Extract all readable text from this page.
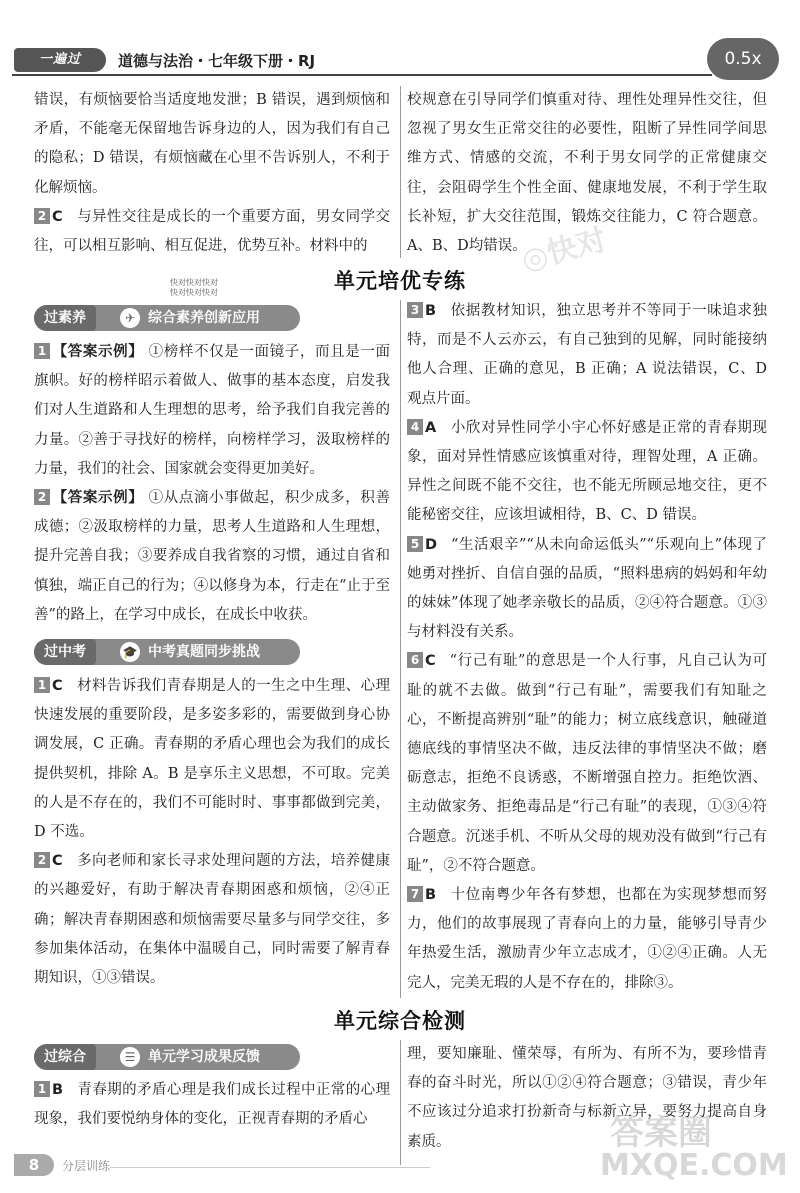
一遍过	道德与法治・七年级下册・RJ	0.5x
◎快对
答案圈
MXQE.COM

错误，有烦恼要恰当适度地发泄；B 错误，遇到烦恼和矛盾，不能毫无保留地告诉身边的人，因为我们有自己的隐私；D 错误，有烦恼藏在心里不告诉别人，不利于化解烦恼。

2 C 与异性交往是成长的一个重要方面，男女同学交往，可以相互影响、相互促进，优势互补。材料中的

校规意在引导同学们慎重对待、理性处理异性交往，但忽视了男女生正常交往的必要性，阻断了异性同学间思维方式、情感的交流，不利于男女同学的正常健康交往，会阻碍学生个性全面、健康地发展，不利于学生取长补短，扩大交往范围，锻炼交往能力，C 符合题意。A、B、D均错误。

快对快对快对
快对快对快对	单元培优专练
过素养	✈ 综合素养创新应用

1 【答案示例】 ①榜样不仅是一面镜子，而且是一面旗帜。好的榜样昭示着做人、做事的基本态度，启发我们对人生道路和人生理想的思考，给予我们自我完善的力量。②善于寻找好的榜样，向榜样学习，汲取榜样的力量，我们的社会、国家就会变得更加美好。

2 【答案示例】 ①从点滴小事做起，积少成多，积善成德；②汲取榜样的力量，思考人生道路和人生理想，提升完善自我；③要养成自我省察的习惯，通过自省和慎独，端正自己的行为；④以修身为本，行走在“止于至善”的路上，在学习中成长，在成长中收获。

过中考	🎓 中考真题同步挑战

1 C 材料告诉我们青春期是人的一生之中生理、心理快速发展的重要阶段，是多姿多彩的，需要做到身心协调发展，C 正确。青春期的矛盾心理也会为我们的成长提供契机，排除 A。B 是享乐主义思想，不可取。完美的人是不存在的，我们不可能时时、事事都做到完美，D 不选。

2 C 多向老师和家长寻求处理问题的方法，培养健康的兴趣爱好，有助于解决青春期困惑和烦恼，②④正确；解决青春期困惑和烦恼需要尽量多与同学交往，多参加集体活动，在集体中温暖自己，同时需要了解青春期知识，①③错误。

3 B 依据教材知识，独立思考并不等同于一味追求独特，而是不人云亦云，有自己独到的见解，同时能接纳他人合理、正确的意见，B 正确；A 说法错误，C、D 观点片面。

4 A 小欣对异性同学小宇心怀好感是正常的青春期现象，面对异性情感应该慎重对待，理智处理，A 正确。异性之间既不能不交往，也不能无所顾忌地交往，更不能秘密交往，应该坦诚相待，B、C、D 错误。

5 D “生活艰辛”“从未向命运低头”“乐观向上”体现了她勇对挫折、自信自强的品质，“照料患病的妈妈和年幼的妹妹”体现了她孝亲敬长的品质，②④符合题意。①③与材料没有关系。

6 C “行己有耻”的意思是一个人行事，凡自己认为可耻的就不去做。做到“行己有耻”，需要我们有知耻之心，不断提高辨别“耻”的能力；树立底线意识，触碰道德底线的事情坚决不做，违反法律的事情坚决不做；磨砺意志，拒绝不良诱惑，不断增强自控力。拒绝饮酒、主动做家务、拒绝毒品是“行己有耻”的表现，①③④符合题意。沉迷手机、不听从父母的规劝没有做到“行己有耻”，②不符合题意。

7 B 十位南粤少年各有梦想，也都在为实现梦想而努力，他们的故事展现了青春向上的力量，能够引导青少年热爱生活，激励青少年立志成才，①②④正确。人无完人，完美无瑕的人是不存在的，排除③。

单元综合检测
过综合	☰ 单元学习成果反馈

1 B 青春期的矛盾心理是我们成长过程中正常的心理现象，我们要悦纳身体的变化，正视青春期的矛盾心

理，要知廉耻、懂荣辱，有所为、有所不为，要珍惜青春的奋斗时光，所以①②④符合题意；③错误，青少年不应该过分追求打扮新奇与标新立异，要努力提高自身素质。

8	分层训练
